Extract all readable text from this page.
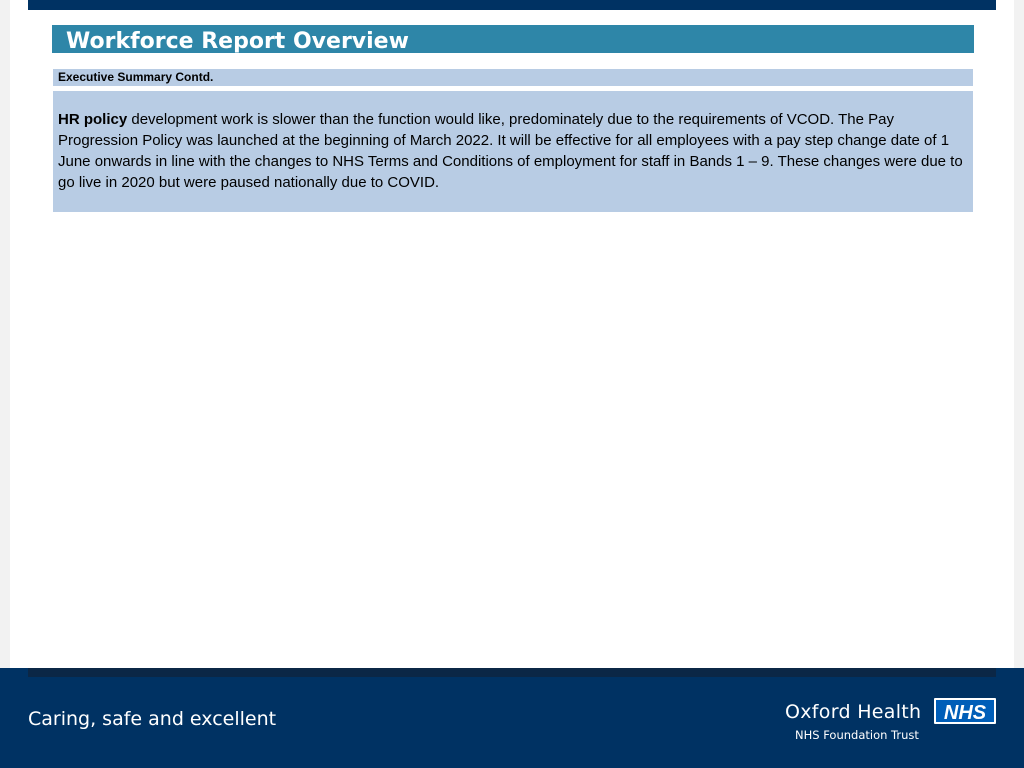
Workforce Report Overview
Executive Summary Contd.
HR policy development work is slower than the function would like, predominately due to the requirements of VCOD. The Pay Progression Policy was launched at the beginning of March 2022. It will be effective for all employees with a pay step change date of 1 June onwards in line with the changes to NHS Terms and Conditions of employment for staff in Bands 1 – 9. These changes were due to go live in 2020 but were paused nationally due to COVID.
Caring, safe and excellent	Oxford Health
NHS Foundation Trust
NHS
